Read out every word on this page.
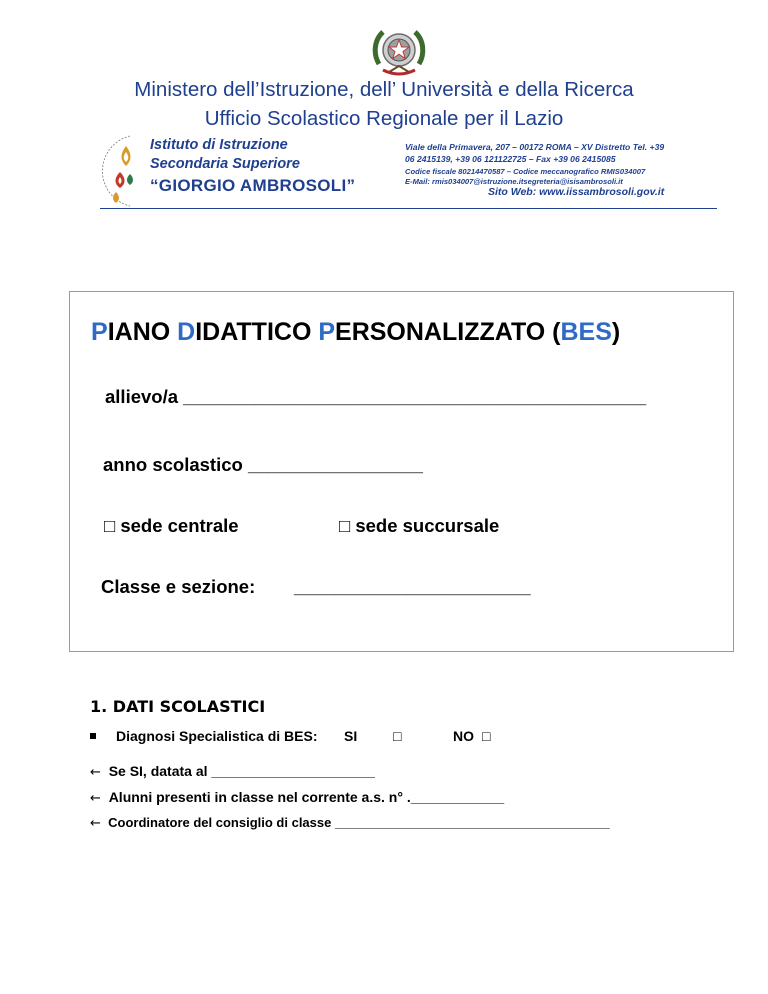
Ministero dell’Istruzione, dell’ Università e della Ricerca
Ufficio Scolastico Regionale per il Lazio
Istituto di Istruzione
Secondaria Superiore
“GIORGIO AMBROSOLI”
Viale della Primavera, 207 – 00172 ROMA – XV Distretto Tel. +39
06 2415139, +39 06 121122725 – Fax +39 06 2415085
Codice fiscale 80214470587 – Codice meccanografico RMIS034007
E-Mail: rmis034007@istruzione.itsegreteria@isisambrosoli.it
Sito Web: www.iissambrosoli.gov.it
PIANO DIDATTICO PERSONALIZZATO (BES)
allievo/a _____________________________________________
anno scolastico _________________
□ sede centrale	□ sede succursale
Classe e sezione: _______________________
1. DATI SCOLASTICI
Diagnosi Specialistica di BES: SI	□	NO □
← Se SI, datata al _____________________
← Alunni presenti in classe nel corrente a.s. n° .____________
← Coordinatore del consiglio di classe ______________________________________
